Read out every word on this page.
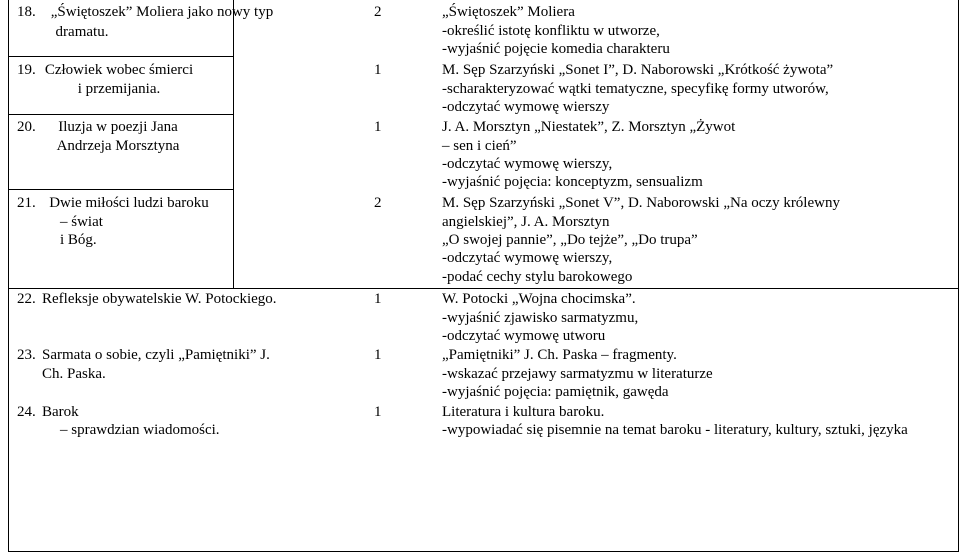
18.	„Świętoszek” Moliera jako nowy typ
dramatu.
2	„Świętoszek” Moliera
-określić istotę konfliktu w utworze,
-wyjaśnić pojęcie komedia charakteru
19. Człowiek wobec śmierci
i przemijania.
1	M. Sęp Szarzyński „Sonet I”, D. Naborowski „Krótkość żywota”
-scharakteryzować wątki tematyczne, specyfikę formy utworów,
-odczytać wymowę wierszy
20.	Iluzja w poezji Jana
Andrzeja Morsztyna
1	J. A. Morsztyn „Niestatek”, Z. Morsztyn „Żywot
– sen i cień”
-odczytać wymowę wierszy,
-wyjaśnić pojęcia: konceptyzm, sensualizm
21. Dwie miłości ludzi baroku
– świat
i Bóg.
2	M. Sęp Szarzyński „Sonet V”, D. Naborowski „Na oczy królewny
angielskiej”, J. A. Morsztyn
„O swojej pannie”, „Do tejże”, „Do trupa”
-odczytać wymowę wierszy,
-podać cechy stylu barokowego
22. Refleksje obywatelskie W. Potockiego.	1	W. Potocki „Wojna chocimska”.
-wyjaśnić zjawisko sarmatyzmu,
-odczytać wymowę utworu
23. Sarmata o sobie, czyli „Pamiętniki” J.
Ch. Paska.
1	„Pamiętniki” J. Ch. Paska – fragmenty.
-wskazać przejawy sarmatyzmu w literaturze
-wyjaśnić pojęcia: pamiętnik, gawęda
24. Barok
– sprawdzian wiadomości.
1	Literatura i kultura baroku.
-wypowiadać się pisemnie na temat baroku - literatury, kultury, sztuki, języka
